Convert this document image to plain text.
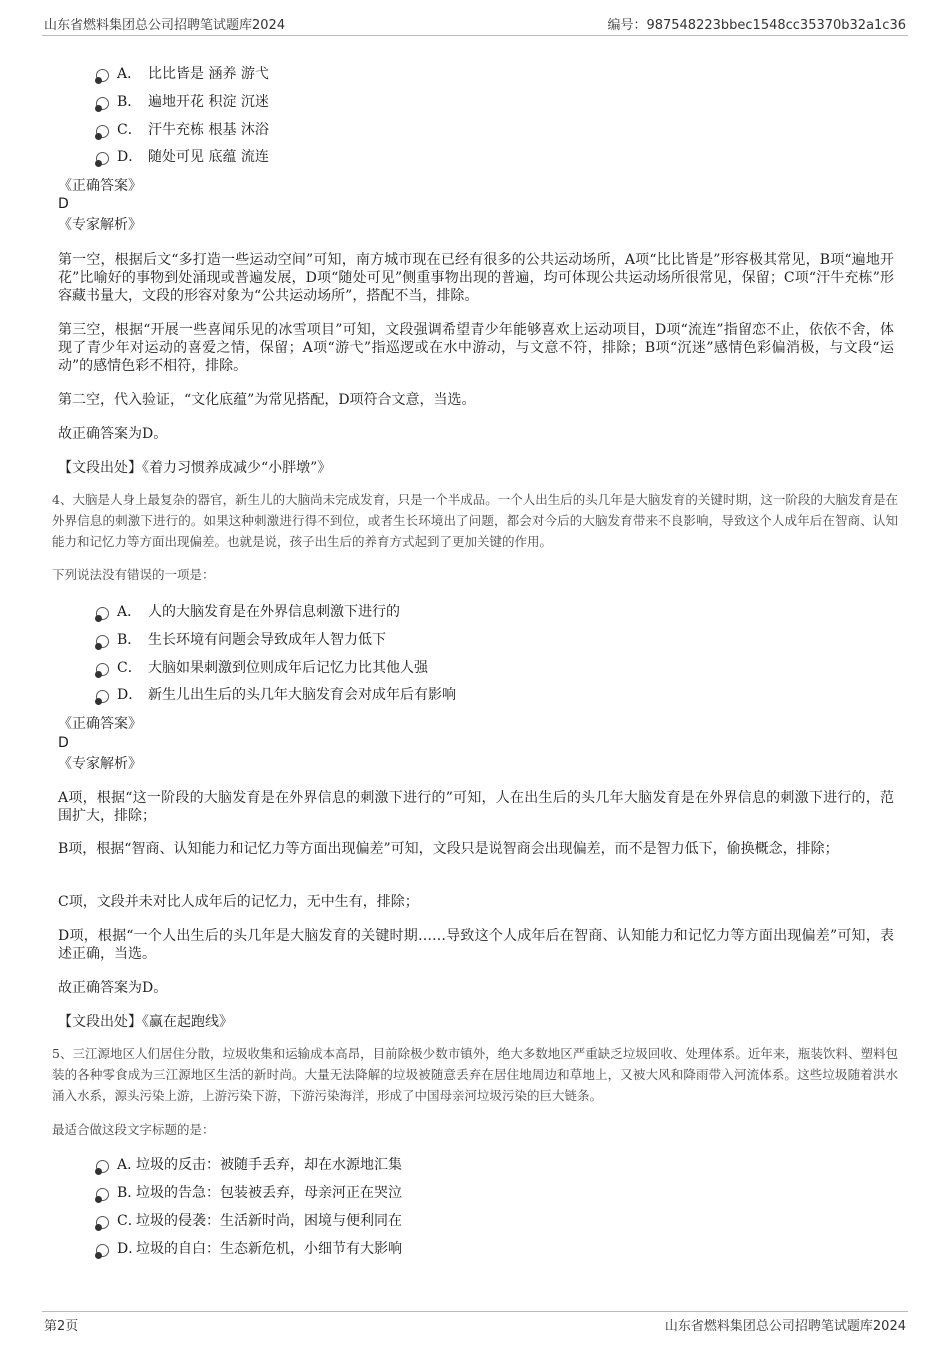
山东省燃料集团总公司招聘笔试题库2024	编号：987548223bbec1548cc35370b32a1c36
A． 比比皆是 涵养 游弋
B． 遍地开花 积淀 沉迷
C． 汗牛充栋 根基 沐浴
D． 随处可见 底蕴 流连
《正确答案》
D
《专家解析》
第一空，根据后文“多打造一些运动空间”可知，南方城市现在已经有很多的公共运动场所，A项“比比皆是”形容极其常见，B项“遍地开花”比喻好的事物到处涌现或普遍发展，D项“随处可见”侧重事物出现的普遍，均可体现公共运动场所很常见，保留；C项“汗牛充栋”形容藏书量大，文段的形容对象为“公共运动场所”，搭配不当，排除。
第三空，根据“开展一些喜闻乐见的冰雪项目”可知，文段强调希望青少年能够喜欢上运动项目，D项“流连”指留恋不止，依依不舍，体现了青少年对运动的喜爱之情，保留；A项“游弋”指巡逻或在水中游动，与文意不符，排除；B项“沉迷”感情色彩偏消极，与文段“运动”的感情色彩不相符，排除。
第二空，代入验证，“文化底蕴”为常见搭配，D项符合文意，当选。
故正确答案为D。
【文段出处】《着力习惯养成减少“小胖墩”》
4、大脑是人身上最复杂的器官，新生儿的大脑尚未完成发育，只是一个半成品。一个人出生后的头几年是大脑发育的关键时期，这一阶段的大脑发育是在外界信息的刺激下进行的。如果这种刺激进行得不到位，或者生长环境出了问题，都会对今后的大脑发育带来不良影响，导致这个人成年后在智商、认知能力和记忆力等方面出现偏差。也就是说，孩子出生后的养育方式起到了更加关键的作用。
下列说法没有错误的一项是：
A． 人的大脑发育是在外界信息刺激下进行的
B． 生长环境有问题会导致成年人智力低下
C． 大脑如果刺激到位则成年后记忆力比其他人强
D． 新生儿出生后的头几年大脑发育会对成年后有影响
《正确答案》
D
《专家解析》
A项，根据“这一阶段的大脑发育是在外界信息的刺激下进行的”可知，人在出生后的头几年大脑发育是在外界信息的刺激下进行的，范围扩大，排除；
B项，根据“智商、认知能力和记忆力等方面出现偏差”可知，文段只是说智商会出现偏差，而不是智力低下，偷换概念，排除；
C项，文段并未对比人成年后的记忆力，无中生有，排除；
D项，根据“一个人出生后的头几年是大脑发育的关键时期……导致这个人成年后在智商、认知能力和记忆力等方面出现偏差”可知，表述正确，当选。
故正确答案为D。
【文段出处】《赢在起跑线》
5、三江源地区人们居住分散，垃圾收集和运输成本高昂，目前除极少数市镇外，绝大多数地区严重缺乏垃圾回收、处理体系。近年来，瓶装饮料、塑料包装的各种零食成为三江源地区生活的新时尚。大量无法降解的垃圾被随意丢弃在居住地周边和草地上，又被大风和降雨带入河流体系。这些垃圾随着洪水涌入水系，源头污染上游，上游污染下游，下游污染海洋，形成了中国母亲河垃圾污染的巨大链条。
最适合做这段文字标题的是：
A．
垃圾的反击：被随手丢弃，却在水源地汇集
B．
垃圾的告急：包装被丢弃，母亲河正在哭泣
C．
垃圾的侵袭：生活新时尚，困境与便利同在
D．
垃圾的自白：生态新危机，小细节有大影响
第2页	山东省燃料集团总公司招聘笔试题库2024
